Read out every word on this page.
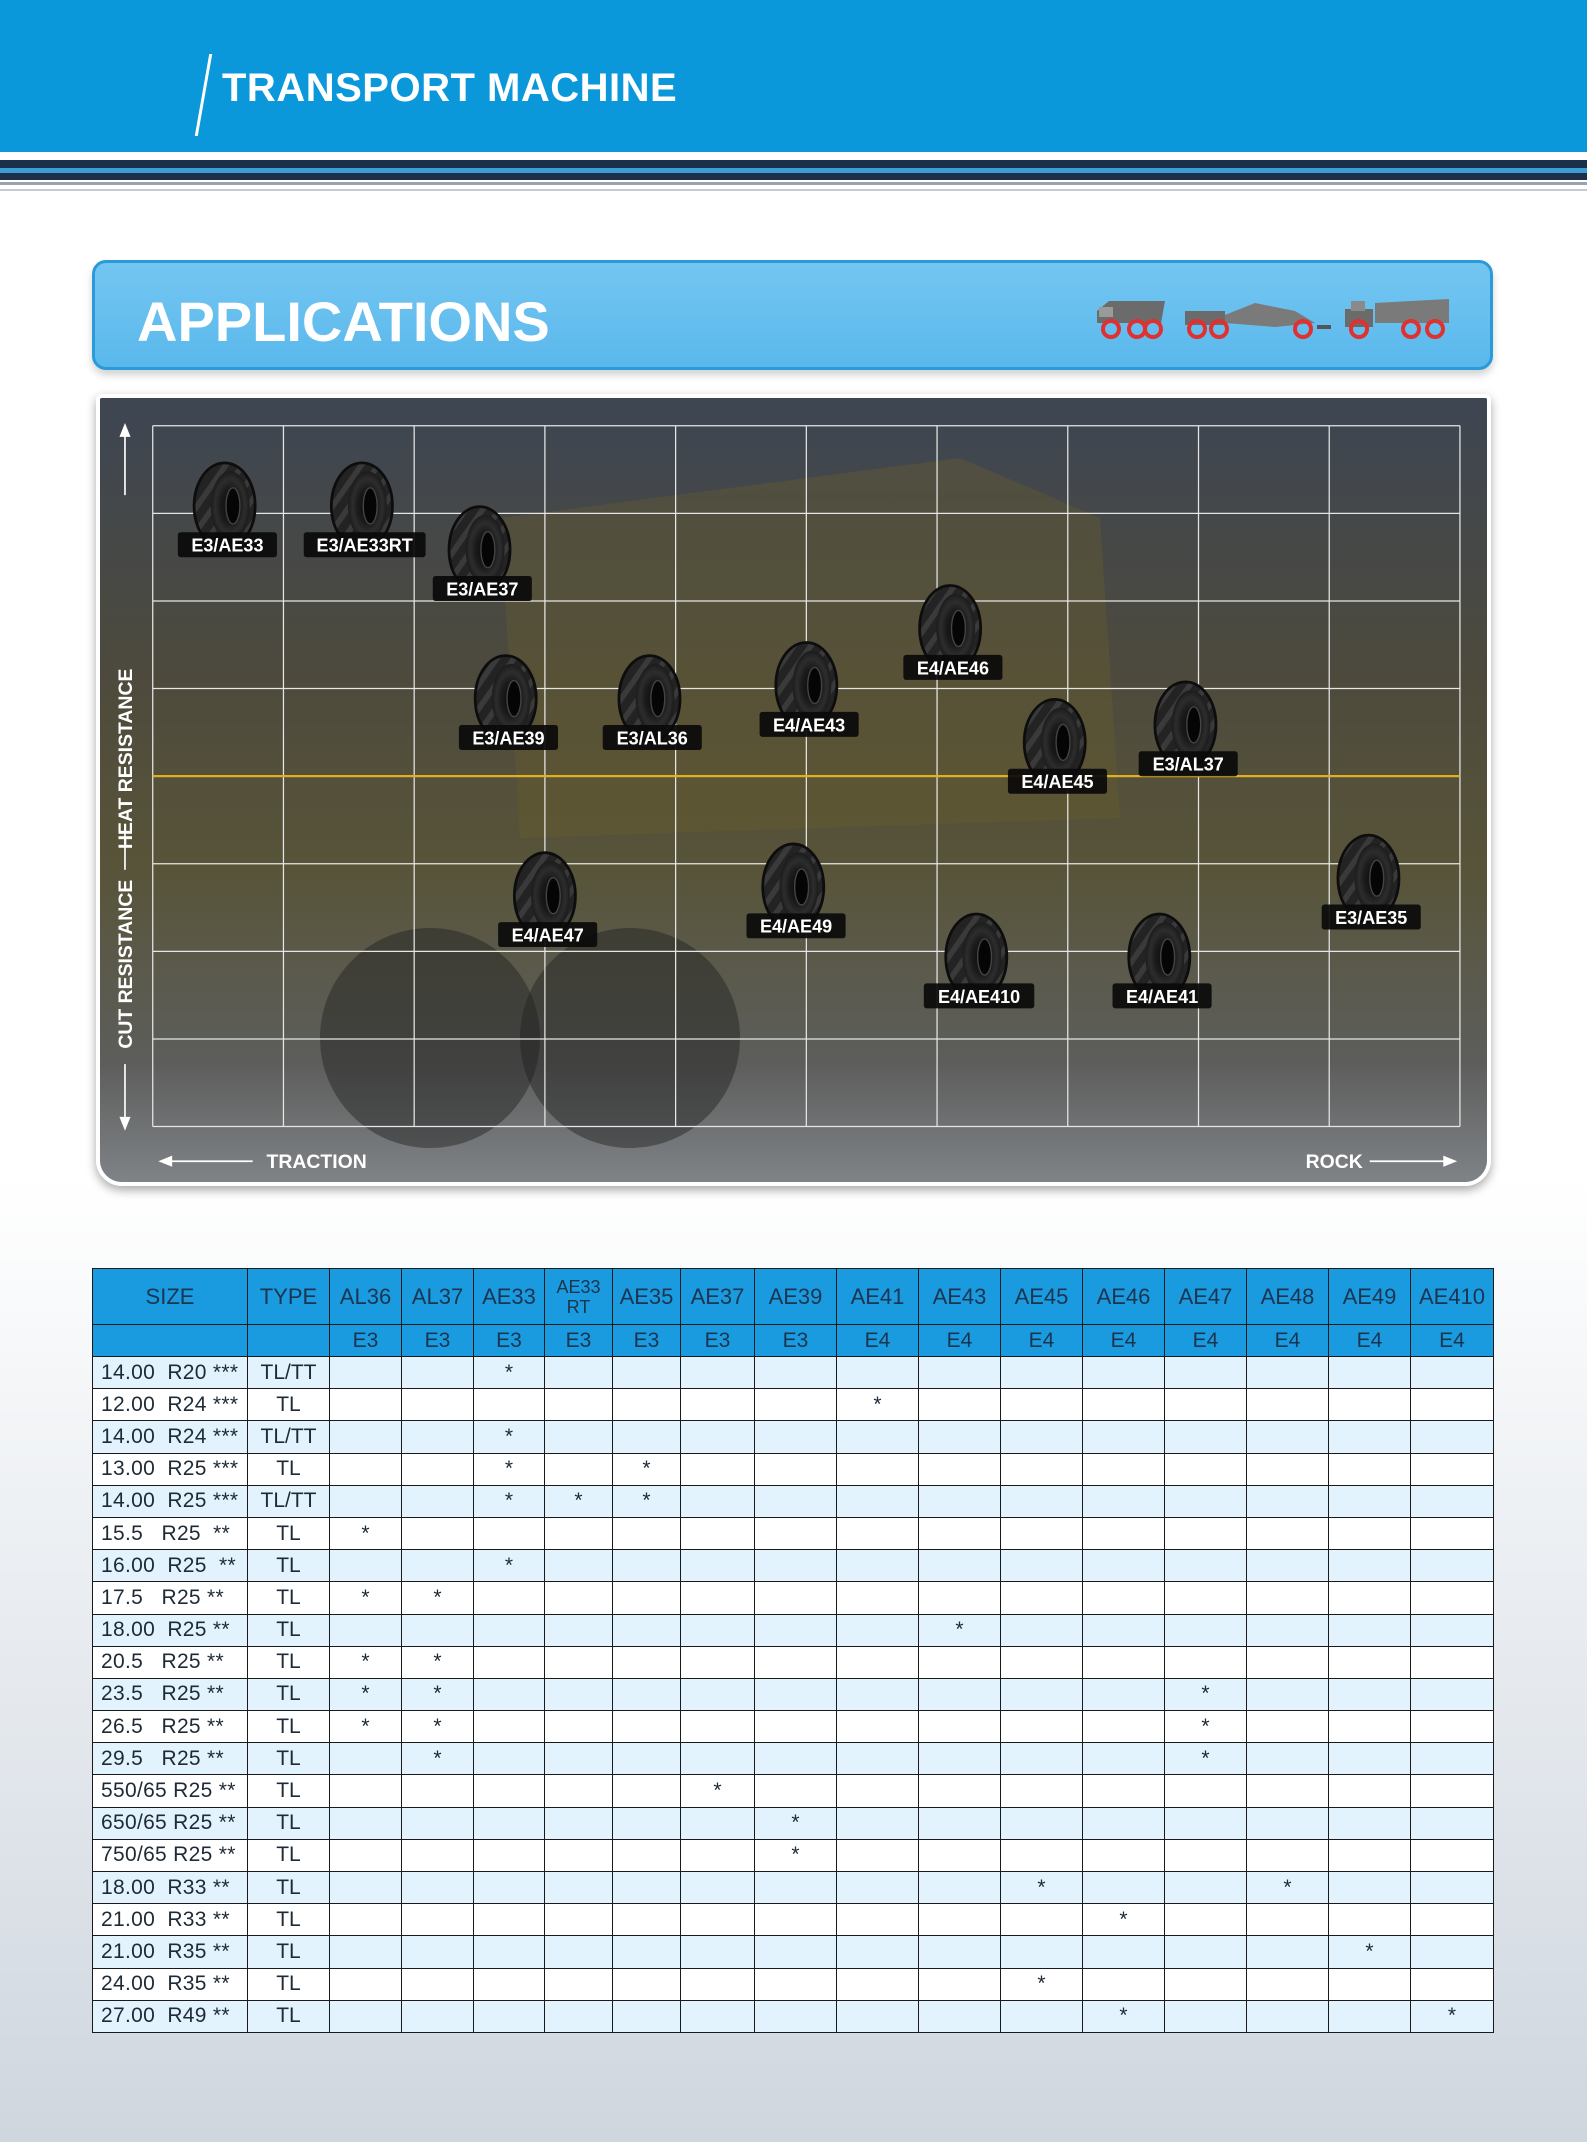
TRANSPORT MACHINE
APPLICATIONS
HEAT RESISTANCE
CUT RESISTANCE
TRACTION	ROCK
E3/AE33	E3/AE33RT
E3/AE37
E3/AE39	E3/AL36
E4/AE43
E4/AE46
E4/AE45
E3/AL37
E4/AE47	E4/AE49
E4/AE410	E4/AE41
E3/AE35
SIZE	TYPE	AL36	AL37	AE33	AE33 RT	AE35	AE37	AE39	AE41	AE43	AE45	AE46	AE47	AE48	AE49	AE410
		E3	E3	E3	E3	E3	E3	E3	E4	E4	E4	E4	E4	E4	E4	E4
14.00  R20 ***	TL/TT			*												
12.00  R24 ***	TL								*							
14.00  R24 ***	TL/TT			*												
13.00  R25 ***	TL			*		*										
14.00  R25 ***	TL/TT			*	*	*										
15.5   R25  **	TL	*														
16.00  R25  **	TL			*												
17.5   R25 **	TL	*	*													
18.00  R25 **	TL									*						
20.5   R25 **	TL	*	*													
23.5   R25 **	TL	*	*										*			
26.5   R25 **	TL	*	*										*			
29.5   R25 **	TL		*										*			
550/65 R25 **	TL						*									
650/65 R25 **	TL							*								
750/65 R25 **	TL							*								
18.00  R33 **	TL										*			*		
21.00  R33 **	TL											*				
21.00  R35 **	TL														*	
24.00  R35 **	TL										*					
27.00  R49 **	TL											*				*
